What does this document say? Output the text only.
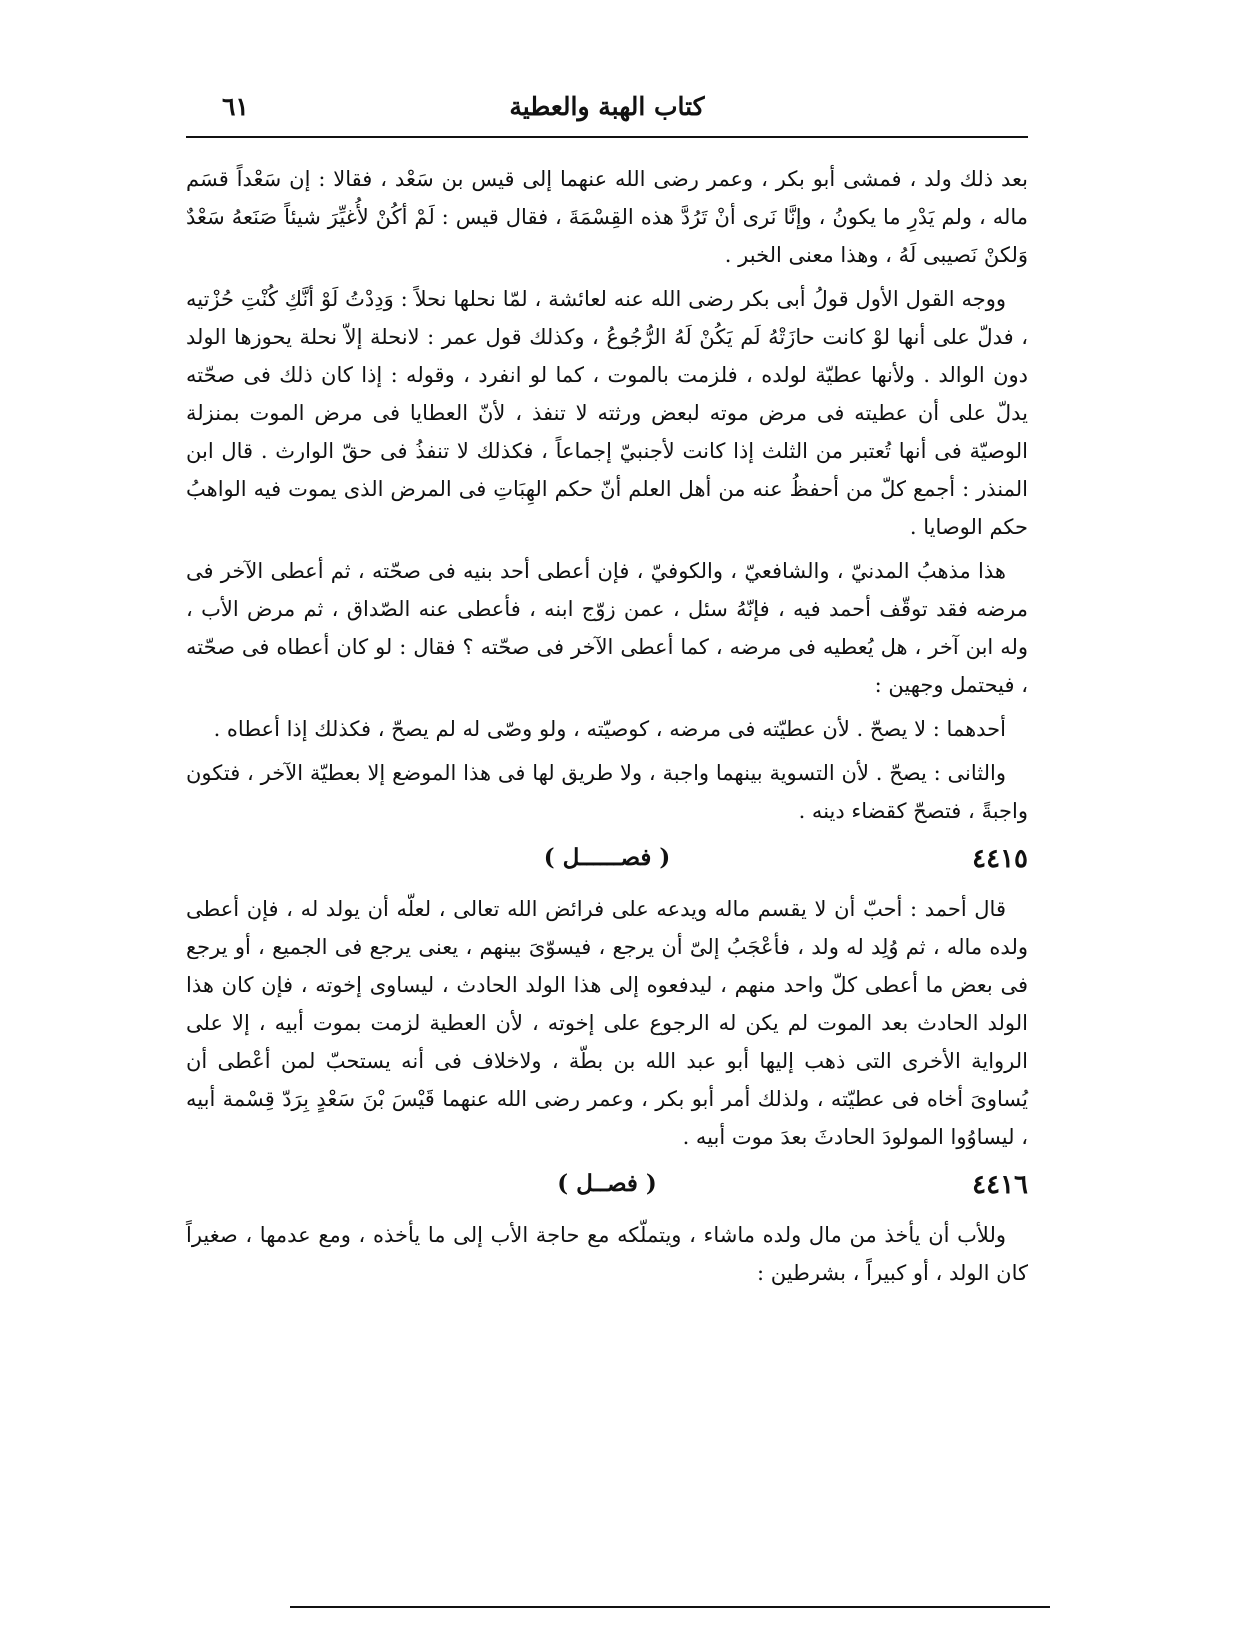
كتاب الهبة والعطية
٦١

بعد ذلك ولد ، فمشى أبو بكر ، وعمر رضى الله عنهما إلى قيس بن سَعْد ، فقالا : إن سَعْداً قسَم ماله ، ولم يَدْرِ ما يكونُ ، وإنَّا نَرى أنْ تَرُدَّ هذه القِسْمَةَ ، فقال قيس : لَمْ أكُنْ لأُغيِّرَ شيئاً صَنَعهُ سَعْدٌ وَلكنْ نَصيبى لَهُ ، وهذا معنى الخبر .

ووجه القول الأول قولُ أبى بكر رضى الله عنه لعائشة ، لمّا نحلها نحلاً : وَدِدْتُ لَوْ أنَّكِ كُنْتِ حُزْتيه ، فدلّ على أنها لوْ كانت حازَتْهُ لَم يَكُنْ لَهُ الرُّجُوعُ ، وكذلك قول عمر : لانحلة إلاّ نحلة يحوزها الولد دون الوالد . ولأنها عطيّة لولده ، فلزمت بالموت ، كما لو انفرد ، وقوله : إذا كان ذلك فى صحّته يدلّ على أن عطيته فى مرض موته لبعض ورثته لا تنفذ ، لأنّ العطايا فى مرض الموت بمنزلة الوصيّة فى أنها تُعتبر من الثلث إذا كانت لأجنبيّ إجماعاً ، فكذلك لا تنفذُ فى حقّ الوارث . قال ابن المنذر : أجمع كلّ من أحفظُ عنه من أهل العلم أنّ حكم الهِبَاتِ فى المرض الذى يموت فيه الواهبُ حكم الوصايا .

هذا مذهبُ المدنيّ ، والشافعيّ ، والكوفيّ ، فإن أعطى أحد بنيه فى صحّته ، ثم أعطى الآخر فى مرضه فقد توقّف أحمد فيه ، فإنّهُ سئل ، عمن زوّج ابنه ، فأعطى عنه الصّداق ، ثم مرض الأب ، وله ابن آخر ، هل يُعطيه فى مرضه ، كما أعطى الآخر فى صحّته ؟ فقال : لو كان أعطاه فى صحّته ، فيحتمل وجهين :

أحدهما : لا يصحّ . لأن عطيّته فى مرضه ، كوصيّته ، ولو وصّى له لم يصحّ ، فكذلك إذا أعطاه .

والثانى : يصحّ . لأن التسوية بينهما واجبة ، ولا طريق لها فى هذا الموضع إلا بعطيّة الآخر ، فتكون واجبةً ، فتصحّ كقضاء دينه .

٤٤١٥
( فصــــــل )

قال أحمد : أحبّ أن لا يقسم ماله ويدعه على فرائض الله تعالى ، لعلّه أن يولد له ، فإن أعطى ولده ماله ، ثم وُلِد له ولد ، فأعْجَبُ إلىّ أن يرجع ، فيسوّىَ بينهم ، يعنى يرجع فى الجميع ، أو يرجع فى بعض ما أعطى كلّ واحد منهم ، ليدفعوه إلى هذا الولد الحادث ، ليساوى إخوته ، فإن كان هذا الولد الحادث بعد الموت لم يكن له الرجوع على إخوته ، لأن العطية لزمت بموت أبيه ، إلا على الرواية الأخرى التى ذهب إليها أبو عبد الله بن بطّة ، ولاخلاف فى أنه يستحبّ لمن أعْطى أن يُساوىَ أخاه فى عطيّته ، ولذلك أمر أبو بكر ، وعمر رضى الله عنهما قَيْسَ بْنَ سَعْدٍ بِرَدّ قِسْمة أبيه ، ليساوُوا المولودَ الحادثَ بعدَ موت أبيه .

٤٤١٦
( فصــل )

وللأب أن يأخذ من مال ولده ماشاء ، ويتملّكه مع حاجة الأب إلى ما يأخذه ، ومع عدمها ، صغيراً كان الولد ، أو كبيراً ، بشرطين :
